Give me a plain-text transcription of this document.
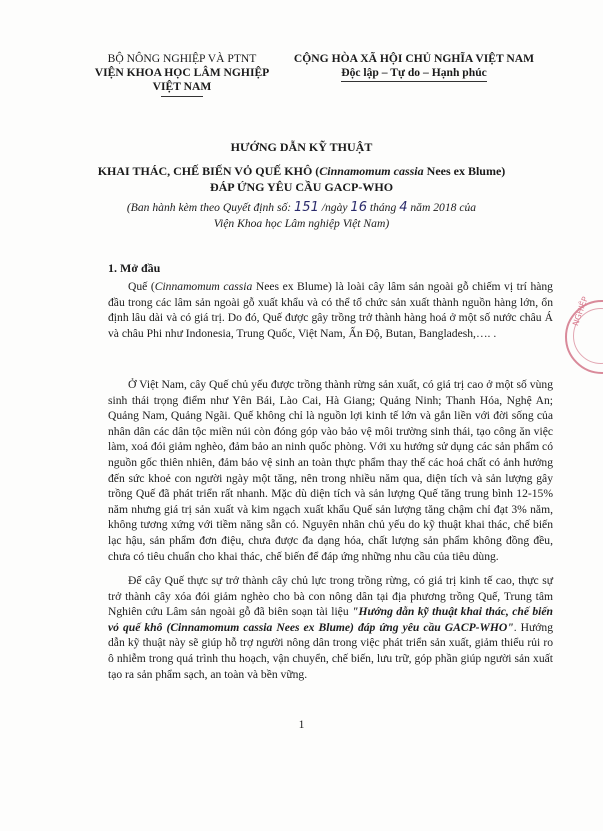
BỘ NÔNG NGHIỆP VÀ PTNT
VIỆN KHOA HỌC LÂM NGHIỆP
VIỆT NAM
CỘNG HÒA XÃ HỘI CHỦ NGHĨA VIỆT NAM
Độc lập – Tự do – Hạnh phúc
HƯỚNG DẪN KỸ THUẬT
KHAI THÁC, CHẾ BIẾN VỎ QUẾ KHÔ (Cinnamomum cassia Nees ex Blume)
ĐÁP ỨNG YÊU CẦU GACP-WHO
(Ban hành kèm theo Quyết định số: 151 /ngày 16 tháng 4 năm 2018 của
Viện Khoa học Lâm nghiệp Việt Nam)
1. Mở đầu

Quế (Cinnamomum cassia Nees ex Blume) là loài cây lâm sản ngoài gỗ chiếm vị trí hàng đầu trong các lâm sản ngoài gỗ xuất khẩu và có thể tổ chức sản xuất thành nguồn hàng lớn, ổn định lâu dài và có giá trị. Do đó, Quế được gây trồng trở thành hàng hoá ở một số nước châu Á và châu Phi như Indonesia, Trung Quốc, Việt Nam, Ấn Độ, Butan, Bangladesh,…. .

Ở Việt Nam, cây Quế chủ yếu được trồng thành rừng sản xuất, có giá trị cao ở một số vùng sinh thái trọng điểm như Yên Bái, Lào Cai, Hà Giang; Quảng Ninh; Thanh Hóa, Nghệ An; Quảng Nam, Quảng Ngãi. Quế không chỉ là nguồn lợi kinh tế lớn và gắn liền với đời sống của nhân dân các dân tộc miền núi còn đóng góp vào bảo vệ môi trường sinh thái, tạo công ăn việc làm, xoá đói giảm nghèo, đảm bảo an ninh quốc phòng. Với xu hướng sử dụng các sản phẩm có nguồn gốc thiên nhiên, đảm bảo vệ sinh an toàn thực phẩm thay thế các hoá chất có ảnh hưởng đến sức khoẻ con người ngày một tăng, nên trong nhiều năm qua, diện tích và sản lượng gây trồng Quế đã phát triển rất nhanh. Mặc dù diện tích và sản lượng Quế tăng trung bình 12-15% năm nhưng giá trị sản xuất và kim ngạch xuất khẩu Quế sản lượng tăng chậm chỉ đạt 3% năm, không tương xứng với tiềm năng sẵn có. Nguyên nhân chủ yếu do kỹ thuật khai thác, chế biến lạc hậu, sản phẩm đơn điệu, chưa được đa dạng hóa, chất lượng sản phẩm không đồng đều, chưa có tiêu chuẩn cho khai thác, chế biến để đáp ứng những nhu cầu của tiêu dùng.

Để cây Quế thực sự trở thành cây chủ lực trong trồng rừng, có giá trị kinh tế cao, thực sự trở thành cây xóa đói giảm nghèo cho bà con nông dân tại địa phương trồng Quế, Trung tâm Nghiên cứu Lâm sản ngoài gỗ đã biên soạn tài liệu "Hướng dẫn kỹ thuật khai thác, chế biến vỏ quế khô (Cinnamomum cassia Nees ex Blume) đáp ứng yêu cầu GACP-WHO". Hướng dẫn kỹ thuật này sẽ giúp hỗ trợ người nông dân trong việc phát triển sản xuất, giảm thiểu rủi ro ô nhiễm trong quá trình thu hoạch, vận chuyển, chế biến, lưu trữ, góp phần giúp người sản xuất tạo ra sản phẩm sạch, an toàn và bền vững.

1
NGHIỆP
